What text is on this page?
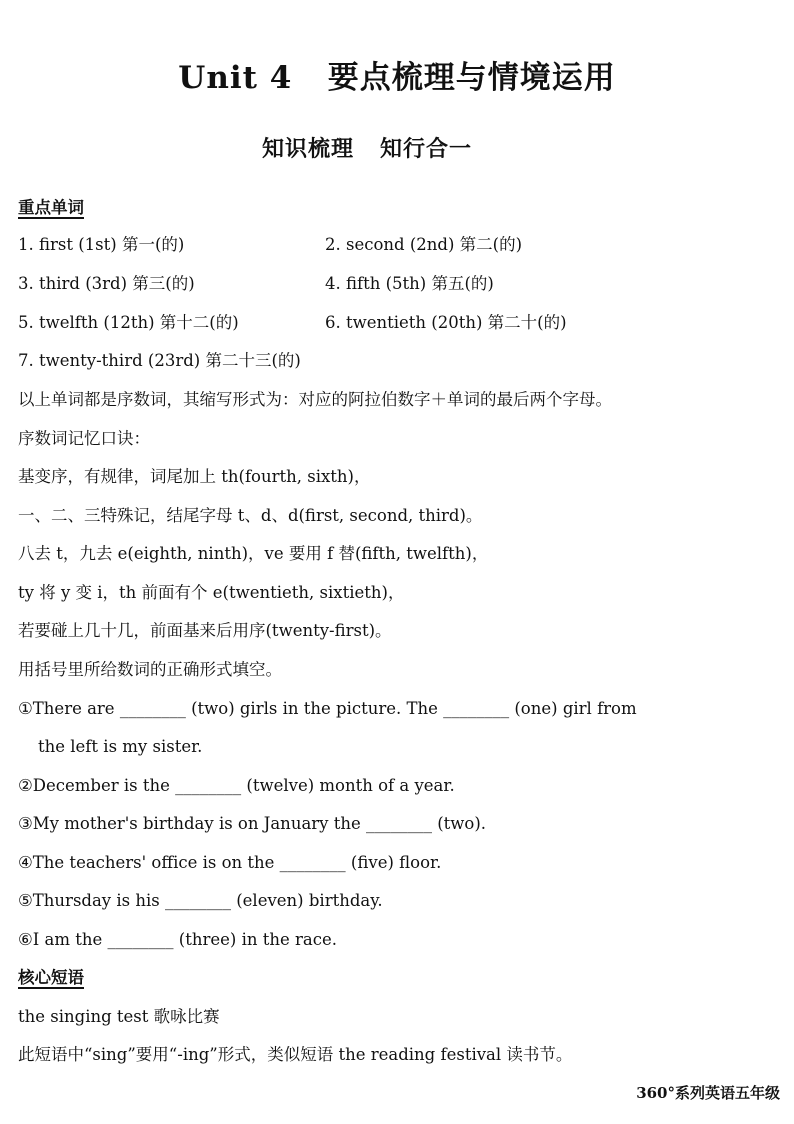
Unit 4   要点梳理与情境运用
知识梳理   知行合一
重点单词
1. first (1st) 第一(的)	2. second (2nd) 第二(的)
3. third (3rd) 第三(的)	4. fifth (5th) 第五(的)
5. twelfth (12th) 第十二(的)	6. twentieth (20th) 第二十(的)
7. twenty-third (23rd) 第二十三(的)
以上单词都是序数词，其缩写形式为：对应的阿拉伯数字＋单词的最后两个字母。
序数词记忆口诀：
基变序，有规律，词尾加上 th(fourth, sixth)，
一、二、三特殊记，结尾字母 t、d、d(first, second, third)。
八去 t，九去 e(eighth, ninth)，ve 要用 f 替(fifth, twelfth)，
ty 将 y 变 i，th 前面有个 e(twentieth, sixtieth)，
若要碰上几十几，前面基来后用序(twenty-first)。
用括号里所给数词的正确形式填空。
①There are ________ (two) girls in the picture. The ________ (one) girl from
the left is my sister.
②December is the ________ (twelve) month of a year.
③My mother's birthday is on January the ________ (two).
④The teachers' office is on the ________ (five) floor.
⑤Thursday is his ________ (eleven) birthday.
⑥I am the ________ (three) in the race.
核心短语
the singing test 歌咏比赛
此短语中“sing”要用“-ing”形式，类似短语 the reading festival 读书节。
360°系列英语五年级
